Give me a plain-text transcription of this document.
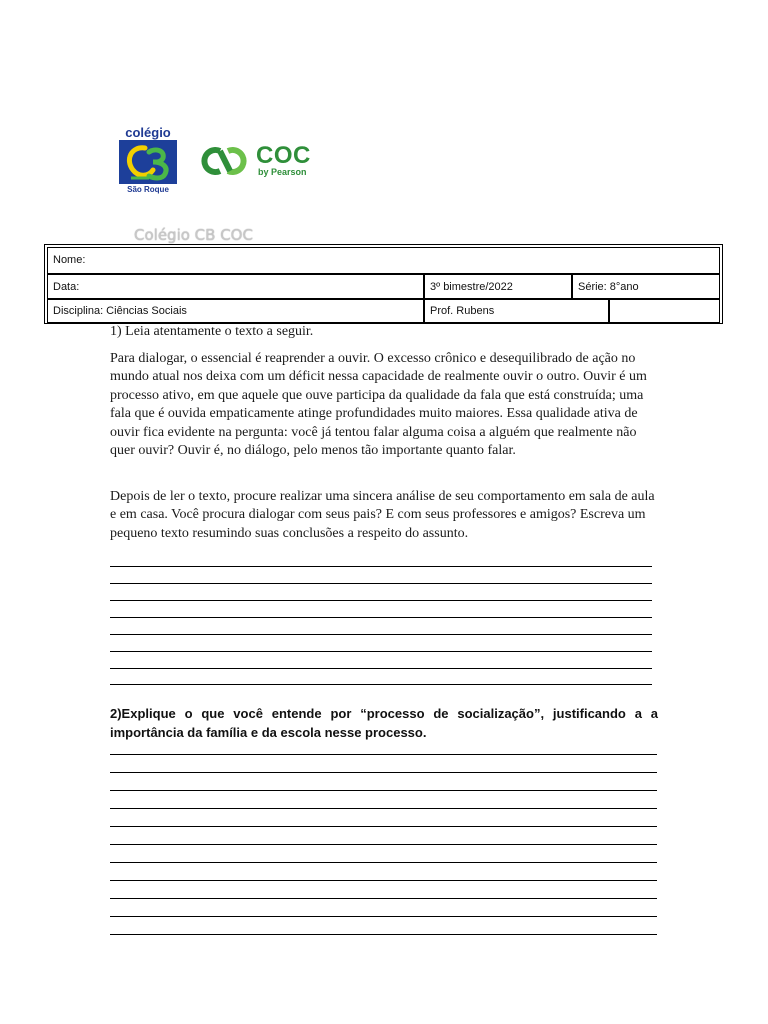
colégio
São Roque
COC
by Pearson
Colégio CB COC
Nome:
Data:	3º bimestre/2022	Série: 8°ano
Disciplina: Ciências Sociais	Prof. Rubens
1) Leia atentamente o texto a seguir.
Para dialogar, o essencial é reaprender a ouvir. O excesso crônico e desequilibrado de ação no mundo atual nos deixa com um déficit nessa capacidade de realmente ouvir o outro. Ouvir é um processo ativo, em que aquele que ouve participa da qualidade da fala que está construída; uma fala que é ouvida empaticamente atinge profundidades muito maiores. Essa qualidade ativa de ouvir fica evidente na pergunta: você já tentou falar alguma coisa a alguém que realmente não quer ouvir? Ouvir é, no diálogo, pelo menos tão importante quanto falar.
Depois de ler o texto, procure realizar uma sincera análise de seu comportamento em sala de aula e em casa. Você procura dialogar com seus pais? E com seus professores e amigos? Escreva um pequeno texto resumindo suas conclusões a respeito do assunto.
2)Explique o que você entende por “processo de socialização”, justificando a a importância da família e da escola nesse processo.
